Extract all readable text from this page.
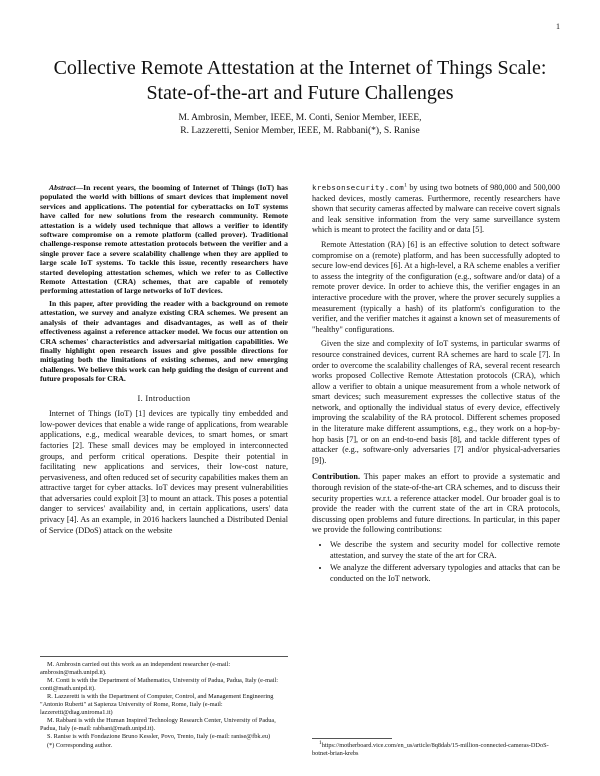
1
Collective Remote Attestation at the Internet of Things Scale: State-of-the-art and Future Challenges
M. Ambrosin, Member, IEEE, M. Conti, Senior Member, IEEE,
R. Lazzeretti, Senior Member, IEEE, M. Rabbani(*), S. Ranise

Abstract—In recent years, the booming of Internet of Things (IoT) has populated the world with billions of smart devices that implement novel services and applications. The potential for cyberattacks on IoT systems have called for new solutions from the research community. Remote attestation is a widely used technique that allows a verifier to identify software compromise on a remote platform (called prover). Traditional challenge-response remote attestation protocols between the verifier and a single prover face a severe scalability challenge when they are applied to large scale IoT systems. To tackle this issue, recently researchers have started developing attestation schemes, which we refer to as Collective Remote Attestation (CRA) schemes, that are capable of remotely performing attestation of large networks of IoT devices.

In this paper, after providing the reader with a background on remote attestation, we survey and analyze existing CRA schemes. We present an analysis of their advantages and disadvantages, as well as of their effectiveness against a reference attacker model. We focus our attention on CRA schemes' characteristics and adversarial mitigation capabilities. We finally highlight open research issues and give possible directions for mitigating both the limitations of existing schemes, and new emerging challenges. We believe this work can help guiding the design of current and future proposals for CRA.

I. Introduction

Internet of Things (IoT) [1] devices are typically tiny embedded and low-power devices that enable a wide range of applications, from wearable applications, e.g., medical wearable devices, to smart homes, or smart factories [2]. These small devices may be employed in interconnected groups, and perform critical operations. Despite their potential in facilitating new applications and services, their low-cost nature, pervasiveness, and often reduced set of security capabilities makes them an attractive target for cyber attacks. IoT devices may present vulnerabilities that adversaries could exploit [3] to mount an attack. This poses a potential danger to services' availability and, in certain applications, users' data privacy [4]. As an example, in 2016 hackers launched a Distributed Denial of Service (DDoS) attack on the website

M. Ambrosin carried out this work as an independent researcher (e-mail: ambrosin@math.unipd.it).

M. Conti is with the Department of Mathematics, University of Padua, Padua, Italy (e-mail: conti@math.unipd.it).

R. Lazzeretti is with the Department of Computer, Control, and Management Engineering "Antonio Ruberti" at Sapienza University of Rome, Rome, Italy (e-mail: lazzeretti@diag.uniroma1.it)

M. Rabbani is with the Human Inspired Technology Research Center, University of Padua, Padua, Italy (e-mail: rabbani@math.unipd.it).

S. Ranise is with Fondazione Bruno Kessler, Povo, Trento, Italy (e-mail: ranise@fbk.eu)

(*) Corresponding author.

krebsonsecurity.com$^1$ by using two botnets of 980,000 and 500,000 hacked devices, mostly cameras. Furthermore, recently researchers have shown that security cameras affected by malware can receive covert signals and leak sensitive information from the very same surveillance system which is meant to protect the facility and or data [5].

Remote Attestation (RA) [6] is an effective solution to detect software compromise on a (remote) platform, and has been successfully adopted to secure low-end devices [6]. At a high-level, a RA scheme enables a verifier to assess the integrity of the configuration (e.g., software and/or data) of a remote prover device. In order to achieve this, the verifier engages in an interactive procedure with the prover, where the prover securely supplies a measurement (typically a hash) of its platform's configuration to the verifier, and the verifier matches it against a known set of measurements of "healthy" configurations.

Given the size and complexity of IoT systems, in particular swarms of resource constrained devices, current RA schemes are hard to scale [7]. In order to overcome the scalability challenges of RA, several recent research works proposed Collective Remote Attestation protocols (CRA), which allow a verifier to obtain a unique measurement from a whole network of smart devices; such measurement expresses the collective status of the network, and optionally the individual status of every device, effectively improving the scalability of the RA protocol. Different schemes proposed in the literature make different assumptions, e.g., they work on a hop-by-hop basis [7], or on an end-to-end basis [8], and tackle different types of attacker (e.g., software-only adversaries [7] and/or physical-adversaries [9]).

Contribution. This paper makes an effort to provide a systematic and thorough revision of the state-of-the-art CRA schemes, and to discuss their security properties w.r.t. a reference attacker model. Our broader goal is to provide the reader with the current state of the art in CRA protocols, discussing open problems and future directions. In particular, in this paper we provide the following contributions:

• We describe the system and security model for collective remote attestation, and survey the state of the art for CRA.
• We analyze the different adversary typologies and attacks that can be conducted on the IoT network.

$^1$https://motherboard.vice.com/en_us/article/8q8dab/15-million-connected-cameras-DDoS-botnet-brian-krebs
